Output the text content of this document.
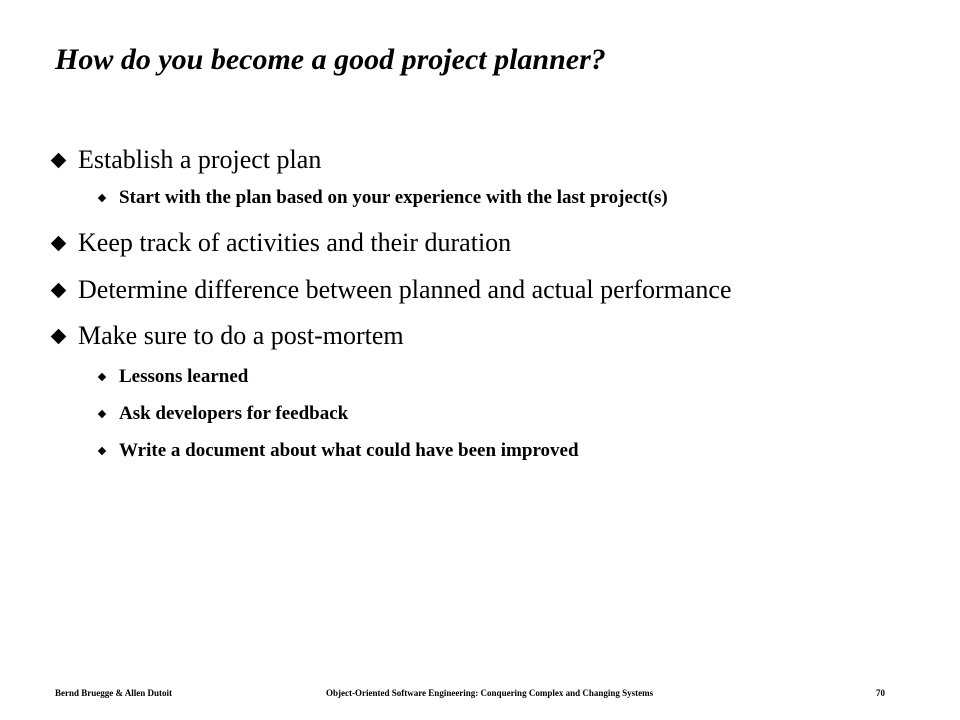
How do you become a good project planner?
Establish a project plan
Start with the plan based on your experience with the last project(s)
Keep track of activities and their duration
Determine difference between planned and actual performance
Make sure to do a post-mortem
Lessons learned
Ask developers for feedback
Write a document about what could have been improved
Bernd Bruegge & Allen Dutoit	Object-Oriented Software Engineering: Conquering Complex and Changing Systems	70
